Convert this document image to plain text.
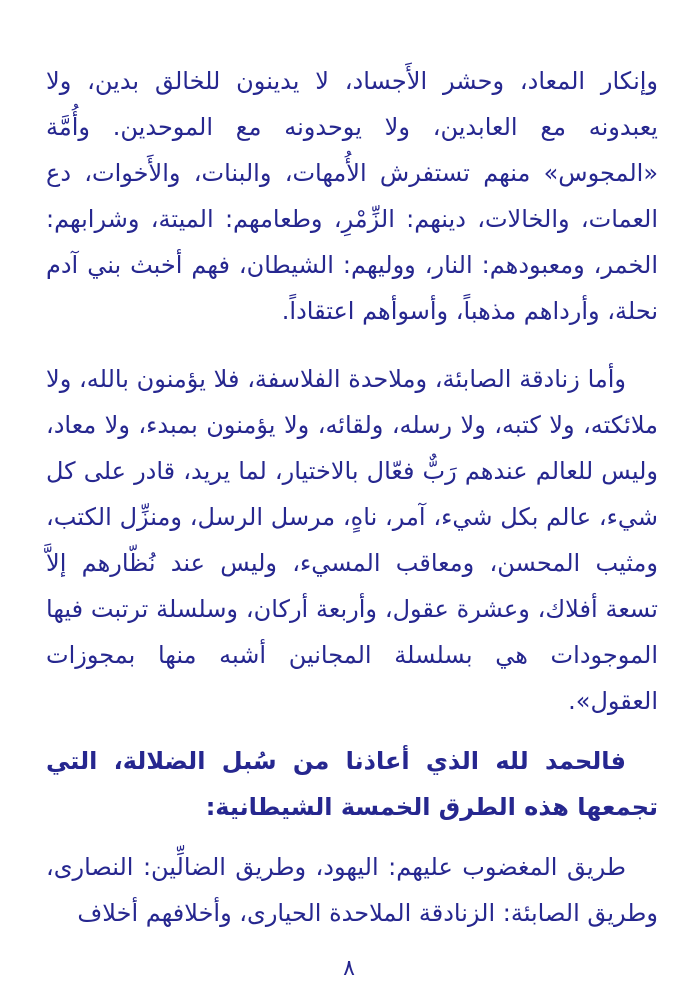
وإنكار المعاد، وحشر الأَجساد، لا يدينون للخالق بدين، ولا يعبدونه مع العابدين، ولا يوحدونه مع الموحدين. وأُمَّة «المجوس» منهم تستفرش الأُمهات، والبنات، والأَخوات، دع العمات، والخالات، دينهم: الزِّمْرِ، وطعامهم: الميتة، وشرابهم: الخمر، ومعبودهم: النار، ووليهم: الشيطان، فهم أخبث بني آدم نحلة، وأرداهم مذهباً، وأسوأهم اعتقاداً.

وأما زنادقة الصابئة، وملاحدة الفلاسفة، فلا يؤمنون بالله، ولا ملائكته، ولا كتبه، ولا رسله، ولقائه، ولا يؤمنون بمبدء، ولا معاد، وليس للعالم عندهم رَبٌّ فعّال بالاختيار، لما يريد، قادر على كل شيء، عالم بكل شيء، آمر، ناهٍ، مرسل الرسل، ومنزِّل الكتب، ومثيب المحسن، ومعاقب المسيء، وليس عند نُظّارهم إلاَّ تسعة أفلاك، وعشرة عقول، وأربعة أركان، وسلسلة ترتبت فيها الموجودات هي بسلسلة المجانين أشبه منها بمجوزات العقول».

فالحمد لله الذي أعاذنا من سُبل الضلالة، التي تجمعها هذه الطرق الخمسة الشيطانية:

طريق المغضوب عليهم: اليهود، وطريق الضالِّين: النصارى، وطريق الصابئة: الزنادقة الملاحدة الحيارى، وأخلافهم أخلاف

٨
